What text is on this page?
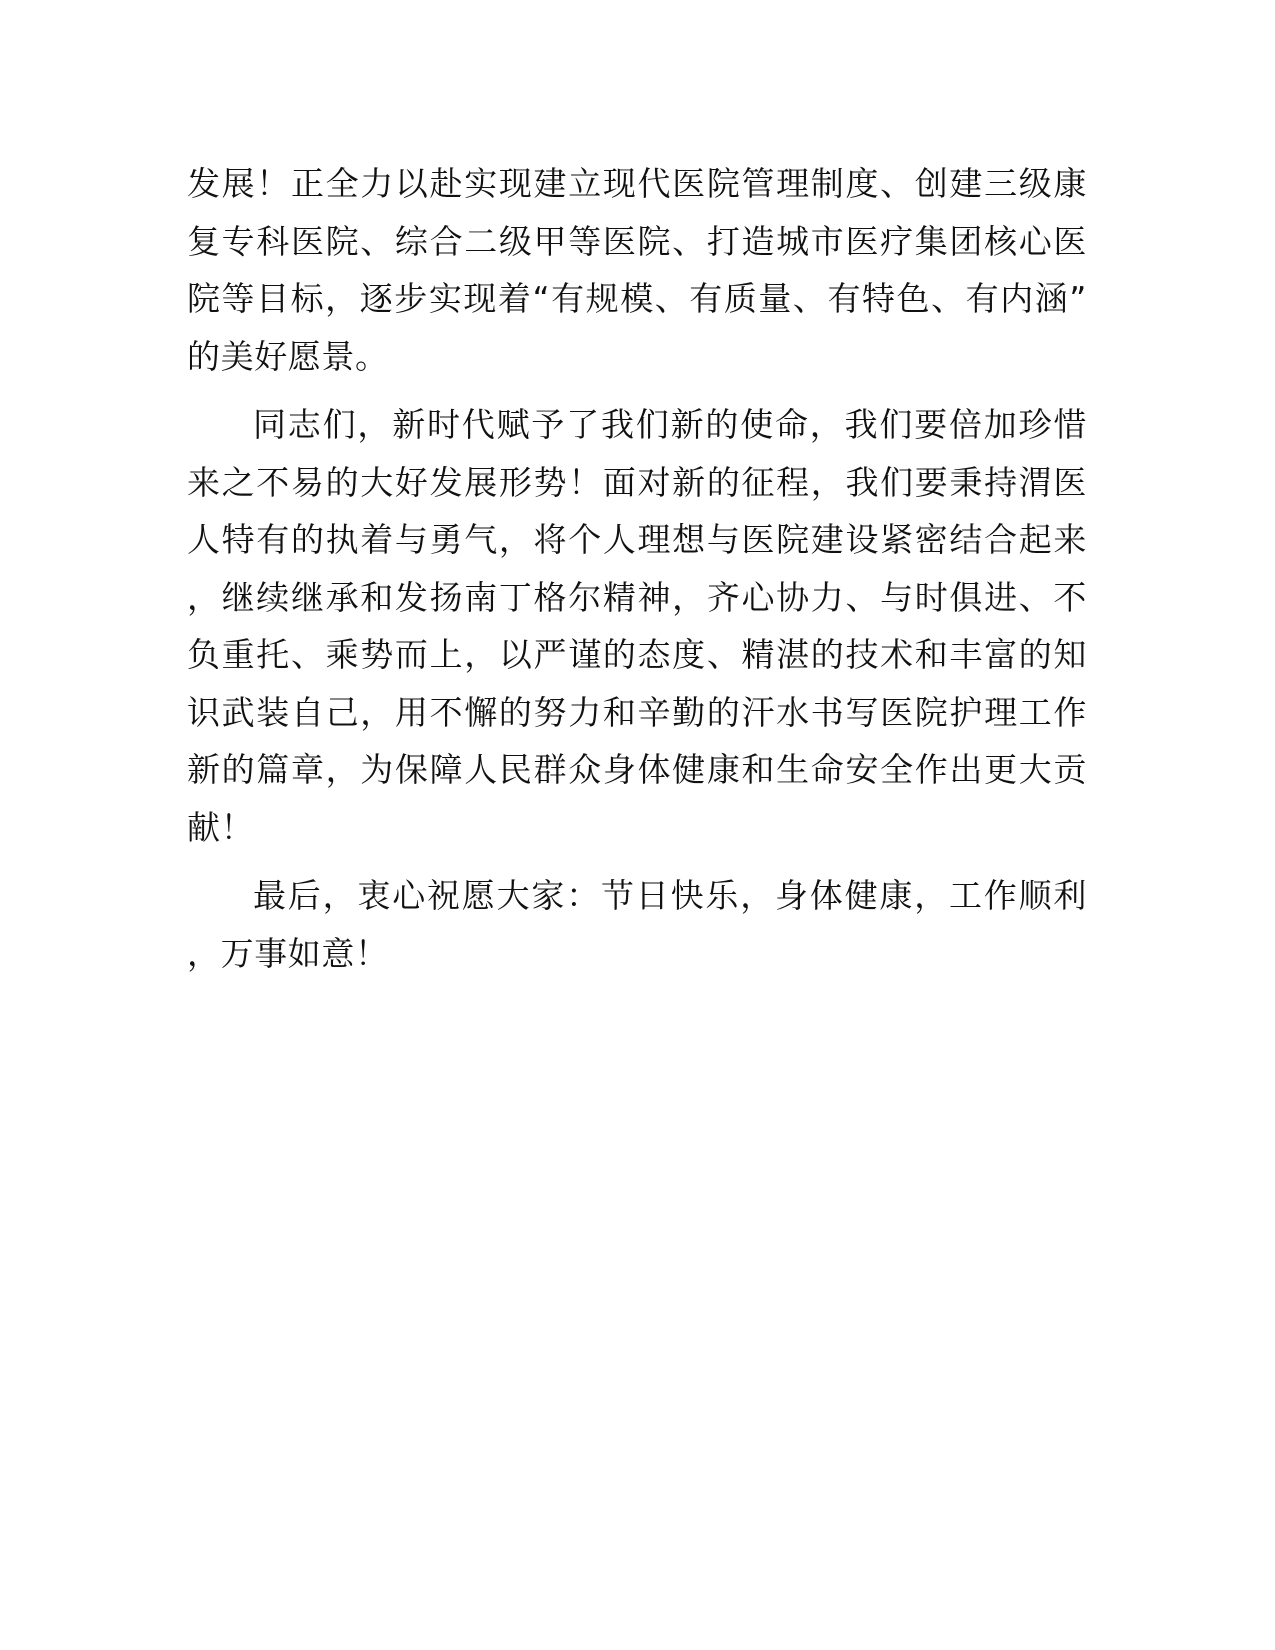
发展！正全力以赴实现建立现代医院管理制度、创建三级康复专科医院、综合二级甲等医院、打造城市医疗集团核心医院等目标，逐步实现着“有规模、有质量、有特色、有内涵”的美好愿景。

同志们，新时代赋予了我们新的使命，我们要倍加珍惜来之不易的大好发展形势！面对新的征程，我们要秉持渭医人特有的执着与勇气，将个人理想与医院建设紧密结合起来，继续继承和发扬南丁格尔精神，齐心协力、与时俱进、不负重托、乘势而上，以严谨的态度、精湛的技术和丰富的知识武装自己，用不懈的努力和辛勤的汗水书写医院护理工作新的篇章，为保障人民群众身体健康和生命安全作出更大贡献！

最后，衷心祝愿大家：节日快乐，身体健康，工作顺利，万事如意！
